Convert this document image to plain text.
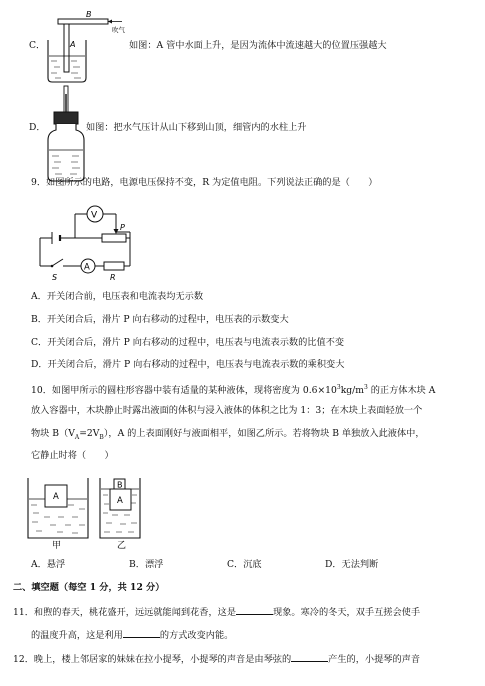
C．
B
吹气
A	如图：A 管中水面上升，是因为流体中流速越大的位置压强越大
D．	如图：把水气压计从山下移到山顶，细管内的水柱上升
9．如图所示的电路，电源电压保持不变，R 为定值电阻。下列说法正确的是（　　）
V
A
P
S	R
A．开关闭合前，电压表和电流表均无示数
B．开关闭合后，滑片 P 向右移动的过程中，电压表的示数变大
C．开关闭合后，滑片 P 向右移动的过程中，电压表与电流表示数的比值不变
D．开关闭合后，滑片 P 向右移动的过程中，电压表与电流表示数的乘积变大
10．如图甲所示的圆柱形容器中装有适量的某种液体，现将密度为 $0.6\times 10^3kg/m^3$ 的正方体木块 A
放入容器中，木块静止时露出液面的体积与浸入液体的体积之比为 1：3；在木块上表面轻放一个
物块 $B(V_A=2V_B)$，A 的上表面刚好与液面相平，如图乙所示。若将物块 B 单独放入此液体中，
它静止时将（　　）
A
B
A
甲	乙
A．悬浮	B．漂浮	C．沉底	D．无法判断
二、填空题（每空 1 分，共 12 分）
11．和煦的春天，桃花盛开，远远就能闻到花香，这是	现象。寒冷的冬天，双手互搓会使手
的温度升高，这是利用	的方式改变内能。
12．晚上，楼上邻居家的妹妹在拉小提琴，小提琴的声音是由琴弦的	产生的，小提琴的声音
